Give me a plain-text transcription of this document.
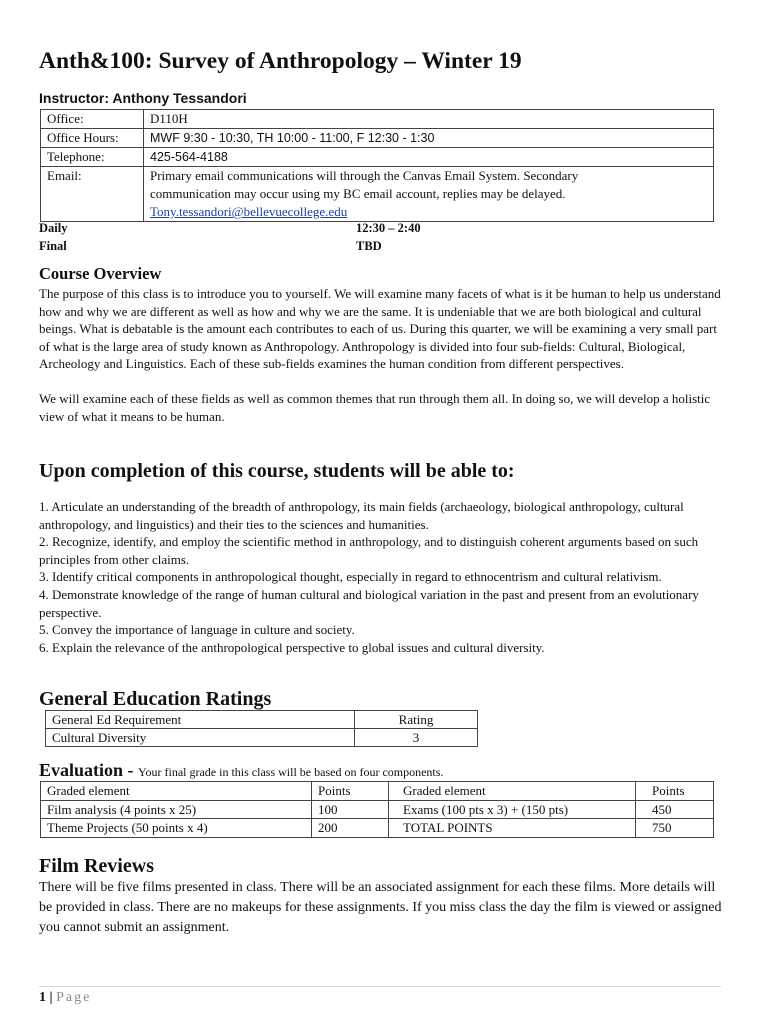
Anth&100: Survey of Anthropology – Winter 19
Instructor: Anthony Tessandori
Office:	D110H
Office Hours:	MWF 9:30 - 10:30, TH 10:00 - 11:00, F 12:30 - 1:30
Telephone:	425-564-4188
Email:	Primary email communications will through the Canvas Email System. Secondary
communication may occur using my BC email account, replies may be delayed.
Tony.tessandori@bellevuecollege.edu
Daily	12:30 – 2:40
Final	TBD
Course Overview

The purpose of this class is to introduce you to yourself. We will examine many facets of what is it be human to help us understand how and why we are different as well as how and why we are the same. It is undeniable that we are both biological and cultural beings. What is debatable is the amount each contributes to each of us. During this quarter, we will be examining a very small part of what is the large area of study known as Anthropology. Anthropology is divided into four sub-fields: Cultural, Biological, Archeology and Linguistics. Each of these sub-fields examines the human condition from different perspectives.

We will examine each of these fields as well as common themes that run through them all. In doing so, we will develop a holistic view of what it means to be human.

Upon completion of this course, students will be able to:

1. Articulate an understanding of the breadth of anthropology, its main fields (archaeology, biological anthropology, cultural anthropology, and linguistics) and their ties to the sciences and humanities.

2. Recognize, identify, and employ the scientific method in anthropology, and to distinguish coherent arguments based on such principles from other claims.

3. Identify critical components in anthropological thought, especially in regard to ethnocentrism and cultural relativism.

4. Demonstrate knowledge of the range of human cultural and biological variation in the past and present from an evolutionary perspective.

5. Convey the importance of language in culture and society.

6. Explain the relevance of the anthropological perspective to global issues and cultural diversity.

General Education Ratings
General Ed Requirement	Rating
Cultural Diversity	3
Evaluation - Your final grade in this class will be based on four components.
Graded element	Points	Graded element	Points
Film analysis (4 points x 25)	100	Exams (100 pts x 3) + (150 pts)	450
Theme Projects (50 points x 4)	200	TOTAL POINTS	750
Film Reviews
There will be five films presented in class. There will be an associated assignment for each these films. More details will be provided in class. There are no makeups for these assignments. If you miss class the day the film is viewed or assigned you cannot submit an assignment.
1 | Page
